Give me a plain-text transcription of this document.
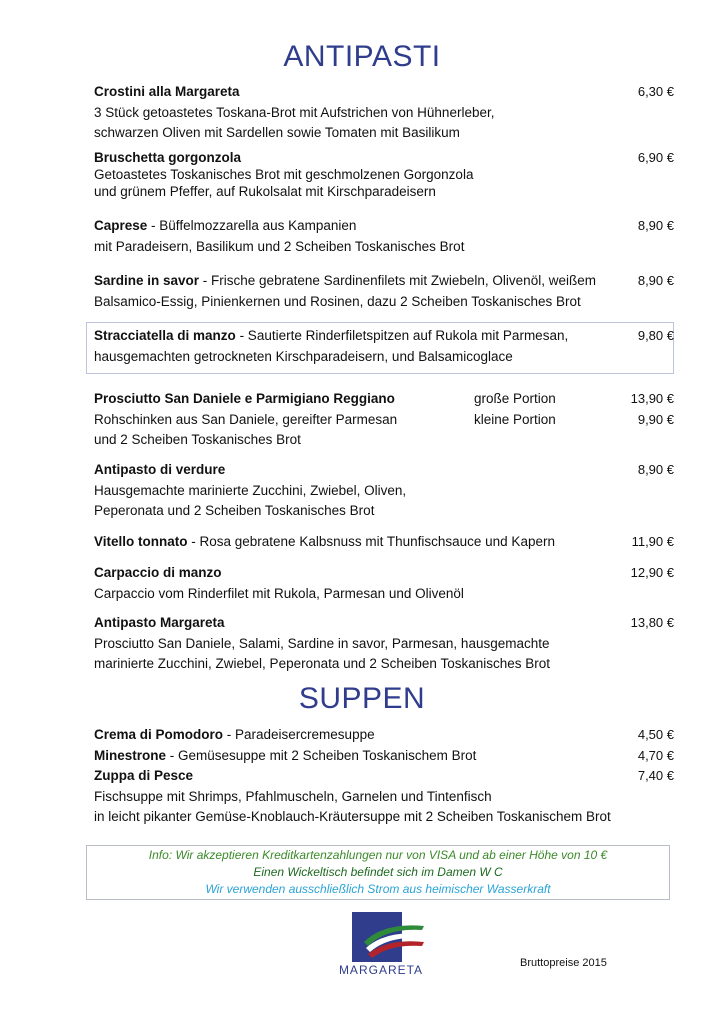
ANTIPASTI
Crostini alla Margareta	6,30 €
3 Stück getoastetes Toskana-Brot mit Aufstrichen von Hühnerleber,
schwarzen Oliven mit Sardellen sowie Tomaten mit Basilikum
Bruschetta gorgonzola	6,90 €
Getoastetes Toskanisches Brot mit geschmolzenen Gorgonzola
und grünem Pfeffer, auf Rukolsalat mit Kirschparadeisern
Caprese - Büffelmozzarella aus Kampanien	8,90 €
mit Paradeisern, Basilikum und 2 Scheiben Toskanisches Brot
Sardine in savor - Frische gebratene Sardinenfilets mit Zwiebeln, Olivenöl, weißem	8,90 €
Balsamico-Essig, Pinienkernen und Rosinen, dazu 2 Scheiben Toskanisches Brot
Stracciatella di manzo - Sautierte Rinderfiletspitzen auf Rukola mit Parmesan,	9,80 €
hausgemachten getrockneten Kirschparadeisern, und Balsamicoglace
Prosciutto San Daniele e Parmigiano Reggiano	große Portion	13,90 €
Rohschinken aus San Daniele, gereifter Parmesan	kleine Portion	9,90 €
und 2 Scheiben Toskanisches Brot
Antipasto di verdure	8,90 €
Hausgemachte marinierte Zucchini, Zwiebel, Oliven,
Peperonata und 2 Scheiben Toskanisches Brot
Vitello tonnato - Rosa gebratene Kalbsnuss mit Thunfischsauce und Kapern	11,90 €
Carpaccio di manzo	12,90 €
Carpaccio vom Rinderfilet mit Rukola, Parmesan und Olivenöl
Antipasto Margareta	13,80 €
Prosciutto San Daniele, Salami, Sardine in savor, Parmesan, hausgemachte
marinierte Zucchini, Zwiebel, Peperonata und 2 Scheiben Toskanisches Brot
SUPPEN
Crema di Pomodoro - Paradeisercremesuppe	4,50 €
Minestrone - Gemüsesuppe mit 2 Scheiben Toskanischem Brot	4,70 €
Zuppa di Pesce	7,40 €
Fischsuppe mit Shrimps, Pfahlmuscheln, Garnelen und Tintenfisch
in leicht pikanter Gemüse-Knoblauch-Kräutersuppe mit 2 Scheiben Toskanischem Brot
Info: Wir akzeptieren Kreditkartenzahlungen nur von VISA und ab einer Höhe von 10 €
Einen Wickeltisch befindet sich im Damen W C
Wir verwenden ausschließlich Strom aus heimischer Wasserkraft
MARGARETA	Bruttopreise 2015
